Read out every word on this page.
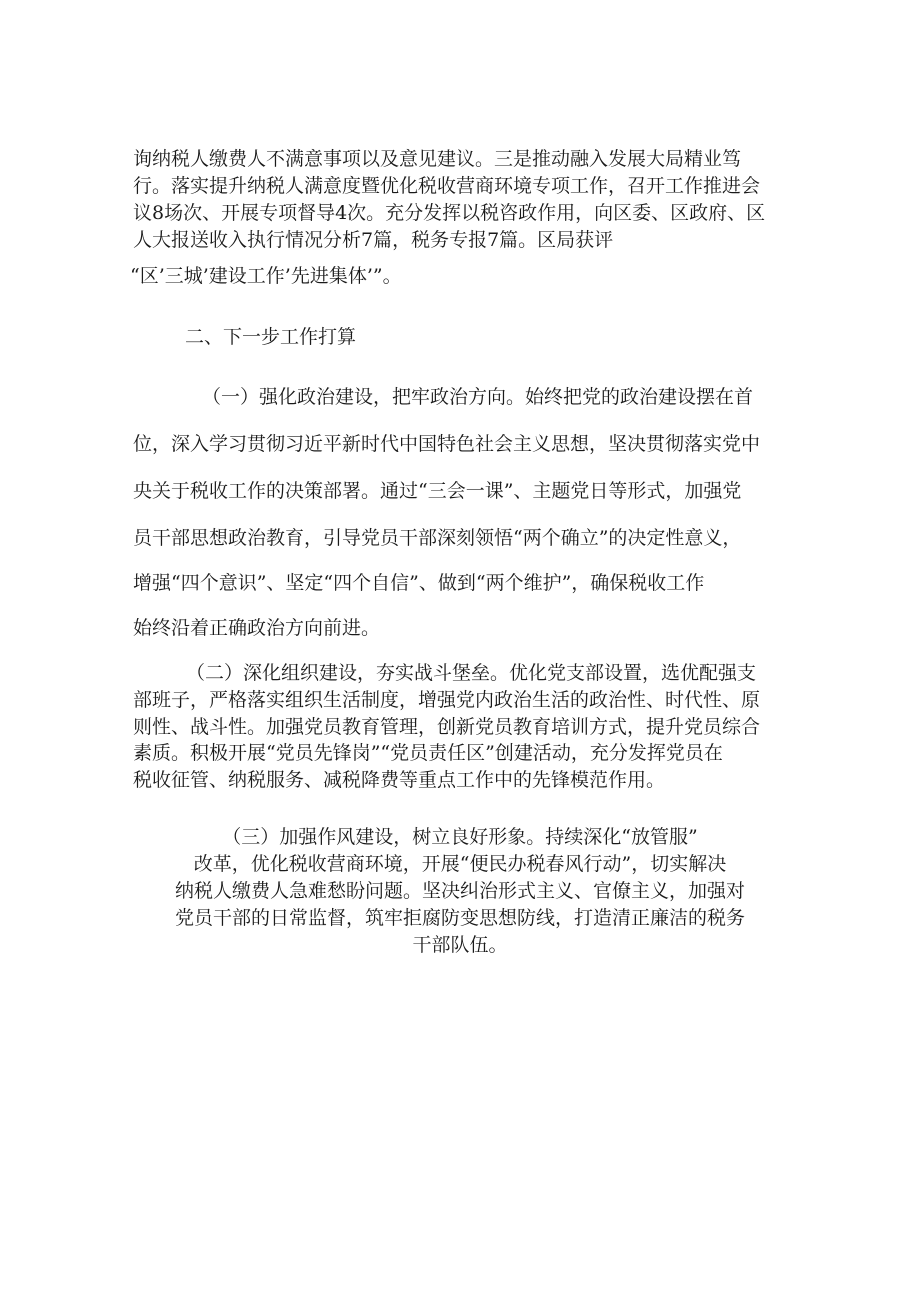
询纳税人缴费人不满意事项以及意见建议。三是推动融入发展大局精业笃

行。落实提升纳税人满意度暨优化税收营商环境专项工作，召开工作推进会

议8场次、开展专项督导4次。充分发挥以税咨政作用，向区委、区政府、区

人大报送收入执行情况分析7篇，税务专报7篇。区局获评

“区’三城’建设工作’先进集体’”。

二、下一步工作打算

（一）强化政治建设，把牢政治方向。始终把党的政治建设摆在首

位，深入学习贯彻习近平新时代中国特色社会主义思想，坚决贯彻落实党中

央关于税收工作的决策部署。通过“三会一课”、主题党日等形式，加强党

员干部思想政治教育，引导党员干部深刻领悟“两个确立”的决定性意义，

增强“四个意识”、坚定“四个自信”、做到“两个维护”，确保税收工作

始终沿着正确政治方向前进。

（二）深化组织建设，夯实战斗堡垒。优化党支部设置，选优配强支

部班子，严格落实组织生活制度，增强党内政治生活的政治性、时代性、原

则性、战斗性。加强党员教育管理，创新党员教育培训方式，提升党员综合

素质。积极开展“党员先锋岗”“党员责任区”创建活动，充分发挥党员在

税收征管、纳税服务、减税降费等重点工作中的先锋模范作用。

（三）加强作风建设，树立良好形象。持续深化“放管服”

改革，优化税收营商环境，开展“便民办税春风行动”，切实解决

纳税人缴费人急难愁盼问题。坚决纠治形式主义、官僚主义，加强对

党员干部的日常监督，筑牢拒腐防变思想防线，打造清正廉洁的税务

干部队伍。
